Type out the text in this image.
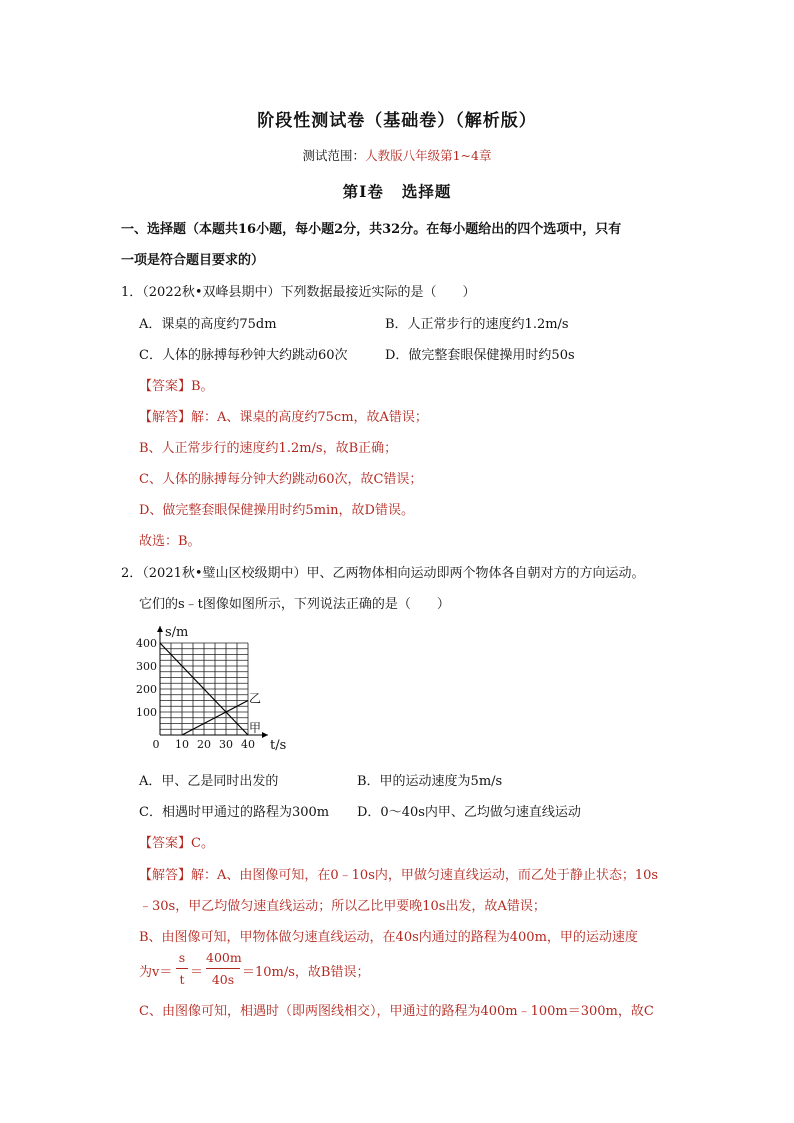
阶段性测试卷（基础卷）（解析版）
测试范围：人教版八年级第1~4章
第Ⅰ卷 选择题
一、选择题（本题共16小题，每小题2分，共32分。在每小题给出的四个选项中，只有
一项是符合题目要求的）
1．（2022秋•双峰县期中）下列数据最接近实际的是（　　）
A．课桌的高度约75dm	B．人正常步行的速度约1.2m/s
C．人体的脉搏每秒钟大约跳动60次	D．做完整套眼保健操用时约50s
【答案】B。
【解答】解：A、课桌的高度约75cm，故A错误；
B、人正常步行的速度约1.2m/s，故B正确；
C、人体的脉搏每分钟大约跳动60次，故C错误；
D、做完整套眼保健操用时约5min，故D错误。
故选：B。
2．（2021秋•璧山区校级期中）甲、乙两物体相向运动即两个物体各自朝对方的方向运动。
它们的s﹣t图像如图所示，下列说法正确的是（　　）
t/s
s/m
0 10 20 30 40
100
200
300
400
甲
乙
A．甲、乙是同时出发的	B．甲的运动速度为5m/s
C．相遇时甲通过的路程为300m D．0～40s内甲、乙均做匀速直线运动
【答案】C。
【解答】解：A、由图像可知，在0﹣10s内，甲做匀速直线运动，而乙处于静止状态；10s
﹣30s，甲乙均做匀速直线运动；所以乙比甲要晚10s出发，故A错误；
B、由图像可知，甲物体做匀速直线运动，在40s内通过的路程为400m，甲的运动速度
为v＝
s
t ＝
400m
40s ＝10m/s，故B错误；
C、由图像可知，相遇时（即两图线相交），甲通过的路程为400m﹣100m＝300m，故C
